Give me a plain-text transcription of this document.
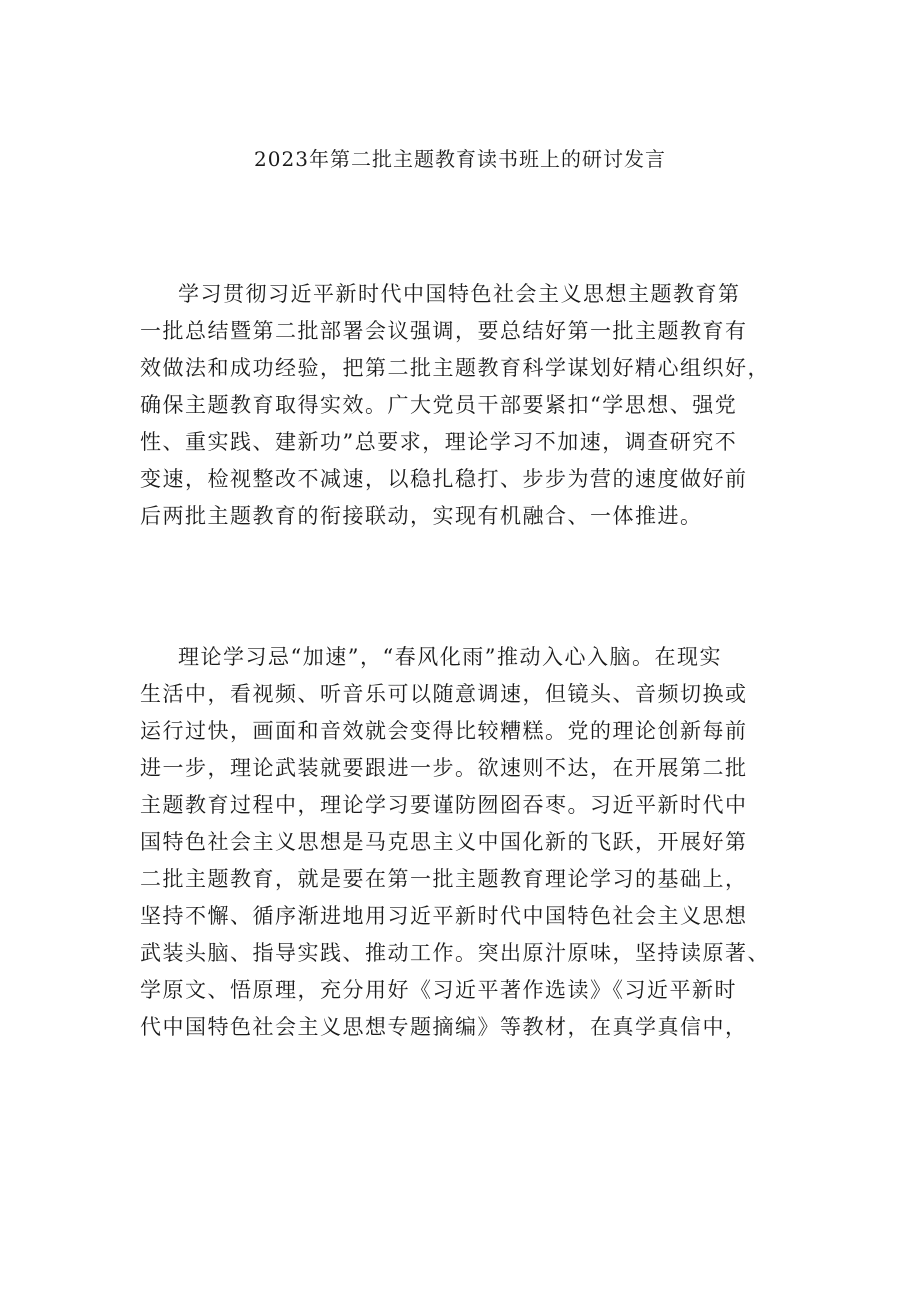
2023年第二批主题教育读书班上的研讨发言

学习贯彻习近平新时代中国特色社会主义思想主题教育第
一批总结暨第二批部署会议强调，要总结好第一批主题教育有
效做法和成功经验，把第二批主题教育科学谋划好精心组织好，
确保主题教育取得实效。广大党员干部要紧扣“学思想、强党
性、重实践、建新功”总要求，理论学习不加速，调查研究不
变速，检视整改不减速，以稳扎稳打、步步为营的速度做好前
后两批主题教育的衔接联动，实现有机融合、一体推进。

理论学习忌“加速”，“春风化雨”推动入心入脑。在现实
生活中，看视频、听音乐可以随意调速，但镜头、音频切换或
运行过快，画面和音效就会变得比较糟糕。党的理论创新每前
进一步，理论武装就要跟进一步。欲速则不达，在开展第二批
主题教育过程中，理论学习要谨防囫囵吞枣。习近平新时代中
国特色社会主义思想是马克思主义中国化新的飞跃，开展好第
二批主题教育，就是要在第一批主题教育理论学习的基础上，
坚持不懈、循序渐进地用习近平新时代中国特色社会主义思想
武装头脑、指导实践、推动工作。突出原汁原味，坚持读原著、
学原文、悟原理，充分用好《习近平著作选读》《习近平新时
代中国特色社会主义思想专题摘编》等教材，在真学真信中，
